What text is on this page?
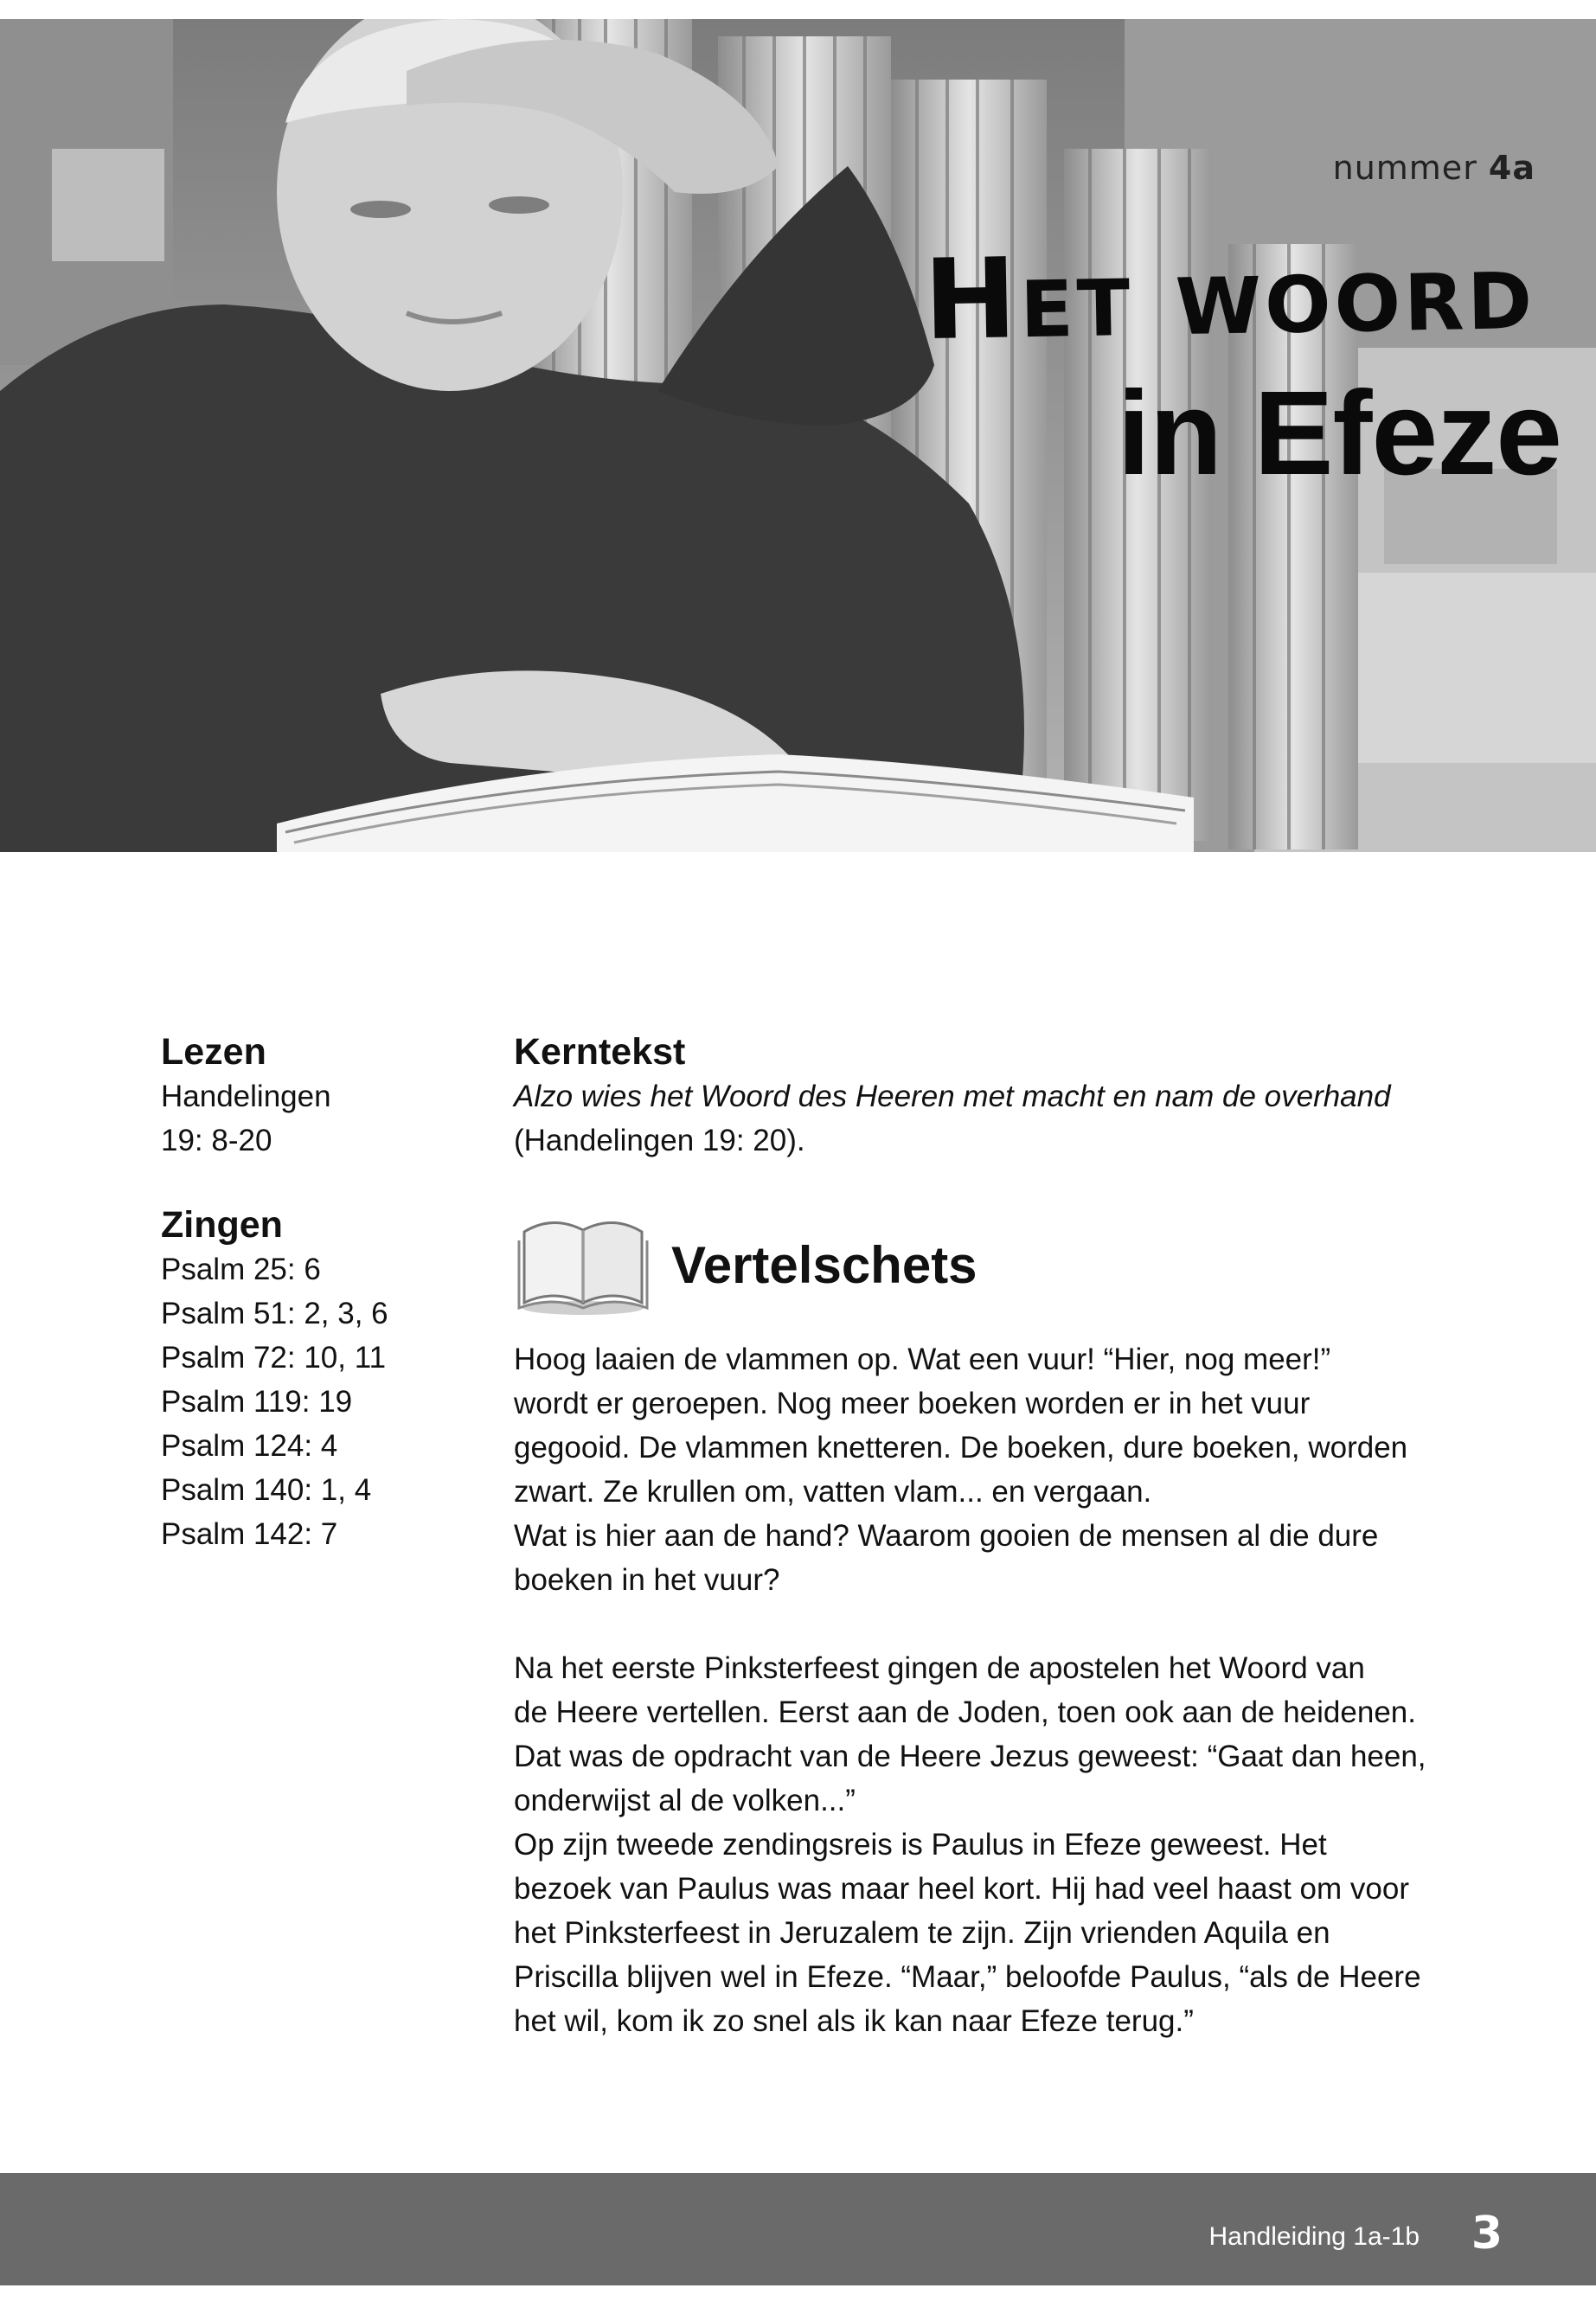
nummer 4a
Het woord
in Efeze
Lezen
Handelingen
19: 8-20
Zingen
Psalm 25: 6
Psalm 51: 2, 3, 6
Psalm 72: 10, 11
Psalm 119: 19
Psalm 124: 4
Psalm 140: 1, 4
Psalm 142: 7
Kerntekst
Alzo wies het Woord des Heeren met macht en nam de overhand
(Handelingen 19: 20).
Vertelschets
Hoog laaien de vlammen op. Wat een vuur! “Hier, nog meer!”
wordt er geroepen. Nog meer boeken worden er in het vuur
gegooid. De vlammen knetteren. De boeken, dure boeken, worden
zwart. Ze krullen om, vatten vlam... en vergaan.
Wat is hier aan de hand? Waarom gooien de mensen al die dure
boeken in het vuur?
Na het eerste Pinksterfeest gingen de apostelen het Woord van
de Heere vertellen. Eerst aan de Joden, toen ook aan de heidenen.
Dat was de opdracht van de Heere Jezus geweest: “Gaat dan heen,
onderwijst al de volken...”
Op zijn tweede zendingsreis is Paulus in Efeze geweest. Het
bezoek van Paulus was maar heel kort. Hij had veel haast om voor
het Pinksterfeest in Jeruzalem te zijn. Zijn vrienden Aquila en
Priscilla blijven wel in Efeze. “Maar,” beloofde Paulus, “als de Heere
het wil, kom ik zo snel als ik kan naar Efeze terug.”
Handleiding 1a-1b 3
